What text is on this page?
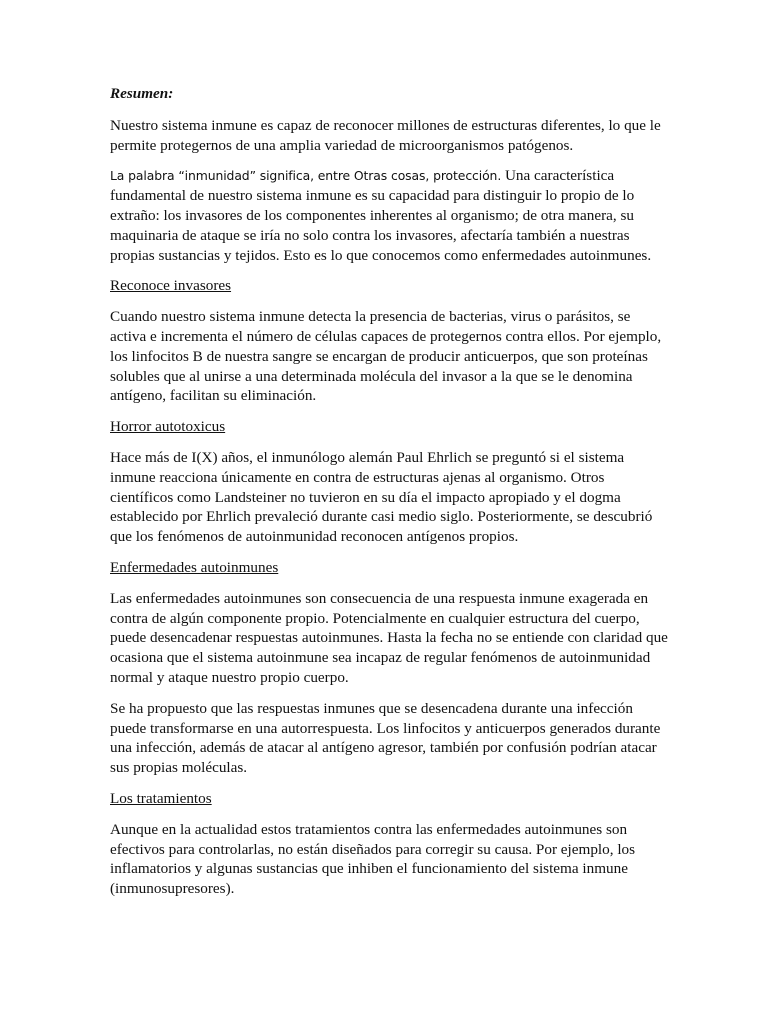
Resumen:

Nuestro sistema inmune es capaz de reconocer millones de estructuras diferentes, lo que le permite protegernos de una amplia variedad de microorganismos patógenos.

La palabra “inmunidad” significa, entre Otras cosas, protección. Una característica fundamental de nuestro sistema inmune es su capacidad para distinguir lo propio de lo extraño: los invasores de los componentes inherentes al organismo; de otra manera, su maquinaria de ataque se iría no solo contra los invasores, afectaría también a nuestras propias sustancias y tejidos. Esto es lo que conocemos como enfermedades autoinmunes.

Reconoce invasores

Cuando nuestro sistema inmune detecta la presencia de bacterias, virus o parásitos, se activa e incrementa el número de células capaces de protegernos contra ellos. Por ejemplo, los linfocitos B de nuestra sangre se encargan de producir anticuerpos, que son proteínas solubles que al unirse a una determinada molécula del invasor a la que se le denomina antígeno, facilitan su eliminación.

Horror autotoxicus

Hace más de I(X) años, el inmunólogo alemán Paul Ehrlich se preguntó si el sistema inmune reacciona únicamente en contra de estructuras ajenas al organismo. Otros científicos como Landsteiner no tuvieron en su día el impacto apropiado y el dogma establecido por Ehrlich prevaleció durante casi medio siglo. Posteriormente, se descubrió que los fenómenos de autoinmunidad reconocen antígenos propios.

Enfermedades autoinmunes

Las enfermedades autoinmunes son consecuencia de una respuesta inmune exagerada en contra de algún componente propio. Potencialmente en cualquier estructura del cuerpo, puede desencadenar respuestas autoinmunes. Hasta la fecha no se entiende con claridad que ocasiona que el sistema autoinmune sea incapaz de regular fenómenos de autoinmunidad normal y ataque nuestro propio cuerpo.

Se ha propuesto que las respuestas inmunes que se desencadena durante una infección puede transformarse en una autorrespuesta. Los linfocitos y anticuerpos generados durante una infección, además de atacar al antígeno agresor, también por confusión podrían atacar sus propias moléculas.

Los tratamientos

Aunque en la actualidad estos tratamientos contra las enfermedades autoinmunes son efectivos para controlarlas, no están diseñados para corregir su causa. Por ejemplo, los inflamatorios y algunas sustancias que inhiben el funcionamiento del sistema inmune (inmunosupresores).
